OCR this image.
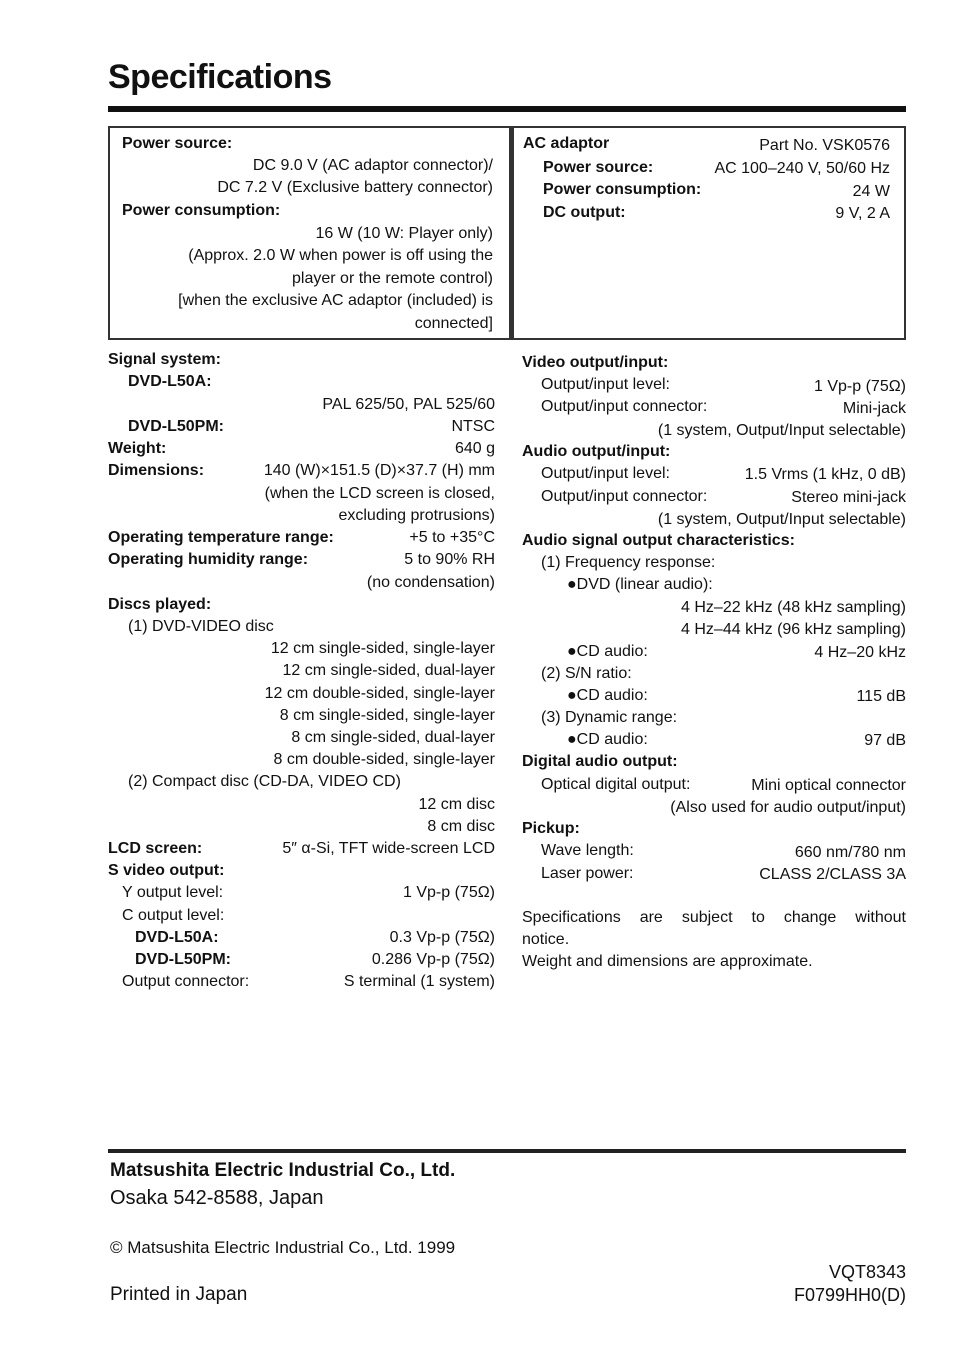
Specifications
Power source:
DC 9.0 V (AC adaptor connector)/
DC 7.2 V (Exclusive battery connector)
Power consumption:
16 W (10 W: Player only)
(Approx. 2.0 W when power is off using the
player or the remote control)
[when the exclusive AC adaptor (included) is
connected]
AC adaptor	Part No. VSK0576
Power source:	AC 100–240 V, 50/60 Hz
Power consumption:	24 W
DC output:	9 V, 2 A
Signal system:
DVD-L50A:
PAL 625/50, PAL 525/60
DVD-L50PM:	NTSC
Weight:	640 g
Dimensions:	140 (W)×151.5 (D)×37.7 (H) mm
(when the LCD screen is closed,
excluding protrusions)
Operating temperature range:	+5 to +35°C
Operating humidity range:	5 to 90% RH
(no condensation)
Discs played:
(1) DVD-VIDEO disc
12 cm single-sided, single-layer
12 cm single-sided, dual-layer
12 cm double-sided, single-layer
8 cm single-sided, single-layer
8 cm single-sided, dual-layer
8 cm double-sided, single-layer
(2) Compact disc (CD-DA, VIDEO CD)
12 cm disc
8 cm disc
LCD screen:	5″ α-Si, TFT wide-screen LCD
S video output:
Y output level:	1 Vp-p (75Ω)
C output level:
DVD-L50A:	0.3 Vp-p (75Ω)
DVD-L50PM:	0.286 Vp-p (75Ω)
Output connector:	S terminal (1 system)
Video output/input:
Output/input level:	1 Vp-p (75Ω)
Output/input connector:	Mini-jack
(1 system, Output/Input selectable)
Audio output/input:
Output/input level:	1.5 Vrms (1 kHz, 0 dB)
Output/input connector:	Stereo mini-jack
(1 system, Output/Input selectable)
Audio signal output characteristics:
(1) Frequency response:
●DVD (linear audio):
4 Hz–22 kHz (48 kHz sampling)
4 Hz–44 kHz (96 kHz sampling)
●CD audio:	4 Hz–20 kHz
(2) S/N ratio:
●CD audio:	115 dB
(3) Dynamic range:
●CD audio:	97 dB
Digital audio output:
Optical digital output:	Mini optical connector
(Also used for audio output/input)
Pickup:
Wave length:	660 nm/780 nm
Laser power:	CLASS 2/CLASS 3A
Specifications are subject to change without
notice.
Weight and dimensions are approximate.
Matsushita Electric Industrial Co., Ltd.
Osaka 542-8588, Japan
© Matsushita Electric Industrial Co., Ltd. 1999
Printed in Japan
VQT8343
F0799HH0(D)
